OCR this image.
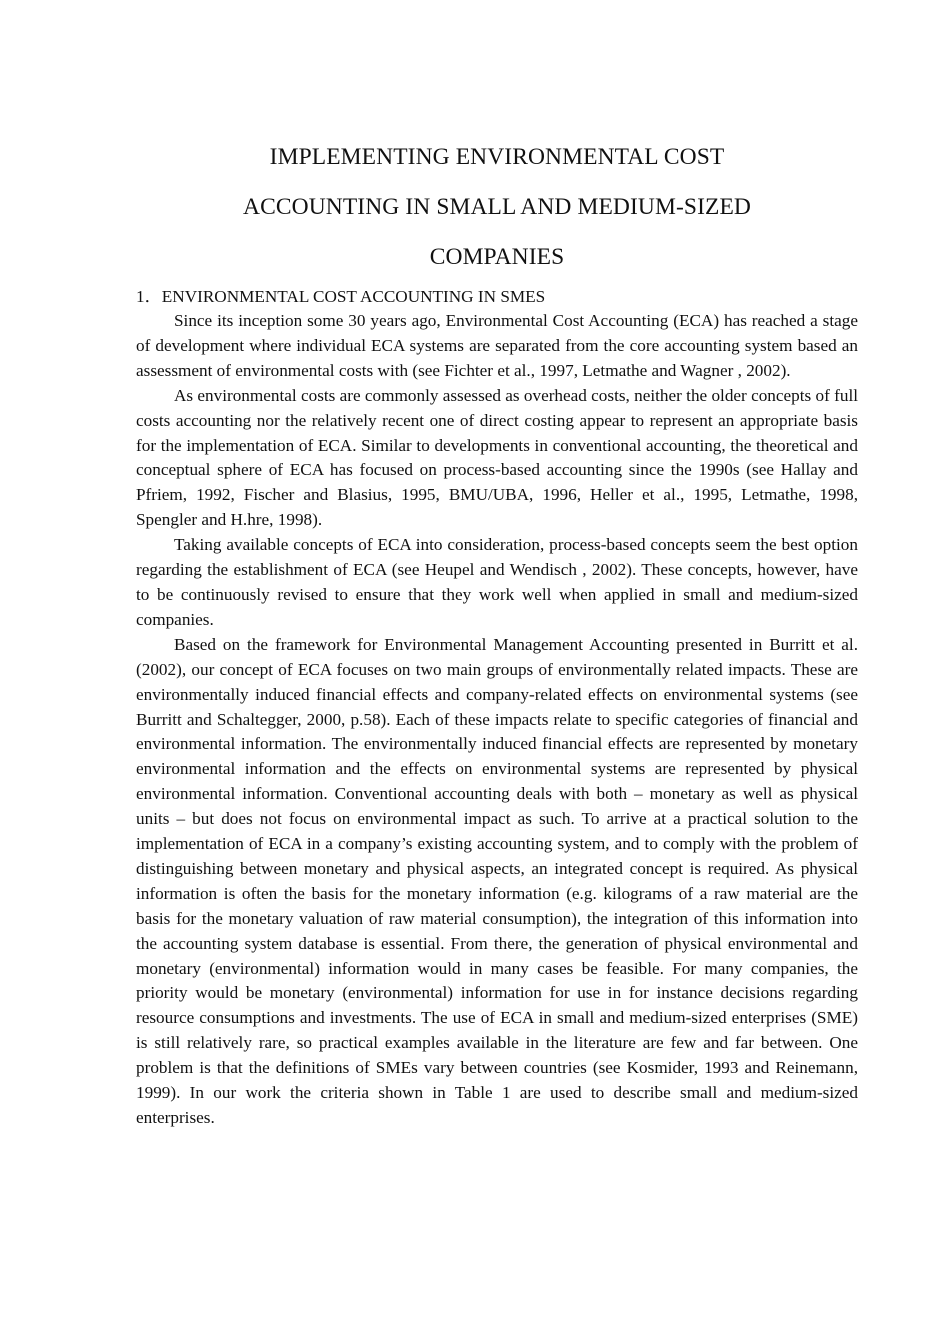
IMPLEMENTING ENVIRONMENTAL COST
ACCOUNTING IN SMALL AND MEDIUM-SIZED
COMPANIES
1．ENVIRONMENTAL COST ACCOUNTING IN SMES

Since its inception some 30 years ago, Environmental Cost Accounting (ECA) has reached a stage of development where individual ECA systems are separated from the core accounting system based an assessment of environmental costs with (see Fichter et al., 1997, Letmathe and Wagner , 2002).

As environmental costs are commonly assessed as overhead costs, neither the older concepts of full costs accounting nor the relatively recent one of direct costing appear to represent an appropriate basis for the implementation of ECA. Similar to developments in conventional accounting, the theoretical and conceptual sphere of ECA has focused on process-based accounting since the 1990s (see Hallay and Pfriem, 1992, Fischer and Blasius, 1995, BMU/UBA, 1996, Heller et al., 1995, Letmathe, 1998, Spengler and H.hre, 1998).

Taking available concepts of ECA into consideration, process-based concepts seem the best option regarding the establishment of ECA (see Heupel and Wendisch , 2002). These concepts, however, have to be continuously revised to ensure that they work well when applied in small and medium-sized companies.

Based on the framework for Environmental Management Accounting presented in Burritt et al. (2002), our concept of ECA focuses on two main groups of environmentally related impacts. These are environmentally induced financial effects and company-related effects on environmental systems (see Burritt and Schaltegger, 2000, p.58). Each of these impacts relate to specific categories of financial and environmental information. The environmentally induced financial effects are represented by monetary environmental information and the effects on environmental systems are represented by physical environmental information. Conventional accounting deals with both – monetary as well as physical units – but does not focus on environmental impact as such. To arrive at a practical solution to the implementation of ECA in a company’s existing accounting system, and to comply with the problem of distinguishing between monetary and physical aspects, an integrated concept is required. As physical information is often the basis for the monetary information (e.g. kilograms of a raw material are the basis for the monetary valuation of raw material consumption), the integration of this information into the accounting system database is essential. From there, the generation of physical environmental and monetary (environmental) information would in many cases be feasible. For many companies, the priority would be monetary (environmental) information for use in for instance decisions regarding resource consumptions and investments. The use of ECA in small and medium-sized enterprises (SME) is still relatively rare, so practical examples available in the literature are few and far between. One problem is that the definitions of SMEs vary between countries (see Kosmider, 1993 and Reinemann, 1999). In our work the criteria shown in Table 1 are used to describe small and medium-sized enterprises.
